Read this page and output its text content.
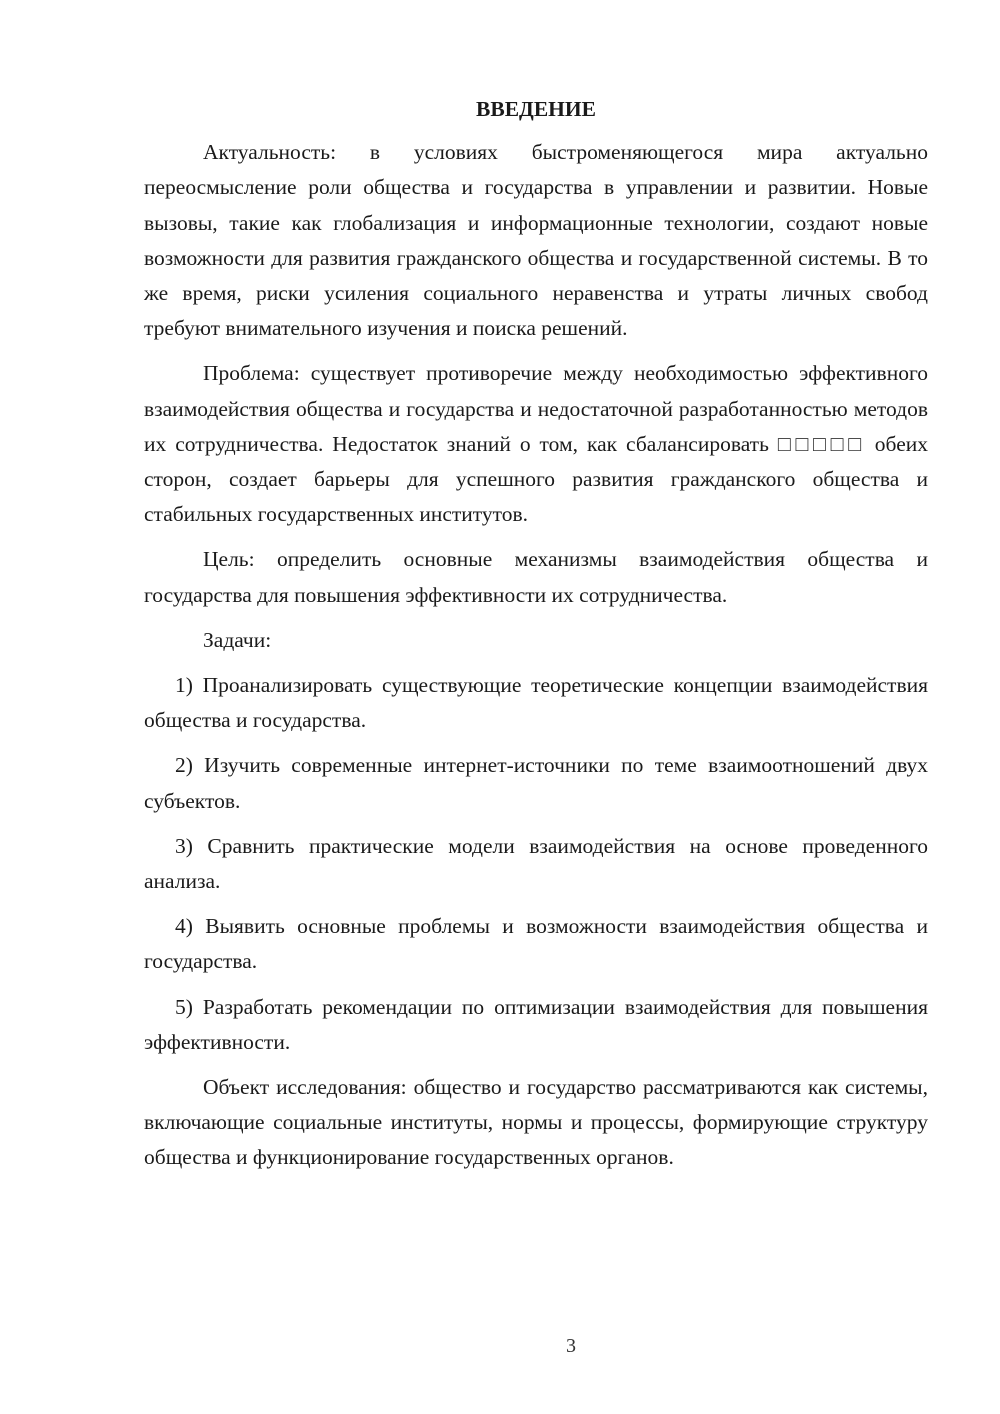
ВВЕДЕНИЕ

Актуальность: в условиях быстроменяющегося мира актуально переосмысление роли общества и государства в управлении и развитии. Новые вызовы, такие как глобализация и информационные технологии, создают новые возможности для развития гражданского общества и государственной системы. В то же время, риски усиления социального неравенства и утраты личных свобод требуют внимательного изучения и поиска решений.

Проблема: существует противоречие между необходимостью эффективного взаимодействия общества и государства и недостаточной разработанностью методов их сотрудничества. Недостаток знаний о том, как сбалансировать □□□□□ обеих сторон, создает барьеры для успешного развития гражданского общества и стабильных государственных институтов.

Цель: определить основные механизмы взаимодействия общества и государства для повышения эффективности их сотрудничества.

Задачи:

1) Проанализировать существующие теоретические концепции взаимодействия общества и государства.

2) Изучить современные интернет-источники по теме взаимоотношений двух субъектов.

3) Сравнить практические модели взаимодействия на основе проведенного анализа.

4) Выявить основные проблемы и возможности взаимодействия общества и государства.

5) Разработать рекомендации по оптимизации взаимодействия для повышения эффективности.

Объект исследования: общество и государство рассматриваются как системы, включающие социальные институты, нормы и процессы, формирующие структуру общества и функционирование государственных органов.

3
